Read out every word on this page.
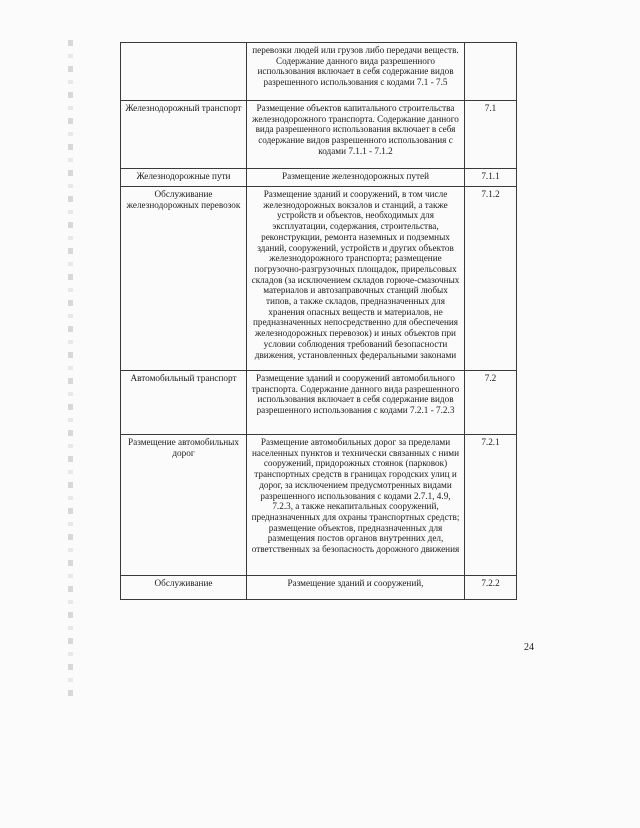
	перевозки людей или грузов либо передачи веществ. Содержание данного вида разрешенного использования включает в себя содержание видов разрешенного использования с кодами 7.1 - 7.5	
Железнодорожный транспорт	Размещение объектов капитального строительства железнодорожного транспорта. Содержание данного вида разрешенного использования включает в себя содержание видов разрешенного использования с кодами 7.1.1 - 7.1.2	7.1
Железнодорожные пути	Размещение железнодорожных путей	7.1.1
Обслуживание железнодорожных перевозок	Размещение зданий и сооружений, в том числе железнодорожных вокзалов и станций, а также устройств и объектов, необходимых для эксплуатации, содержания, строительства, реконструкции, ремонта наземных и подземных зданий, сооружений, устройств и других объектов железнодорожного транспорта; размещение погрузочно-разгрузочных площадок, прирельсовых складов (за исключением складов горюче-смазочных материалов и автозаправочных станций любых типов, а также складов, предназначенных для хранения опасных веществ и материалов, не предназначенных непосредственно для обеспечения железнодорожных перевозок) и иных объектов при условии соблюдения требований безопасности движения, установленных федеральными законами	7.1.2
Автомобильный транспорт	Размещение зданий и сооружений автомобильного транспорта. Содержание данного вида разрешенного использования включает в себя содержание видов разрешенного использования с кодами 7.2.1 - 7.2.3	7.2
Размещение автомобильных дорог	Размещение автомобильных дорог за пределами населенных пунктов и технически связанных с ними сооружений, придорожных стоянок (парковок) транспортных средств в границах городских улиц и дорог, за исключением предусмотренных видами разрешенного использования с кодами 2.7.1, 4.9, 7.2.3, а также некапитальных сооружений, предназначенных для охраны транспортных средств; размещение объектов, предназначенных для размещения постов органов внутренних дел, ответственных за безопасность дорожного движения	7.2.1
Обслуживание	Размещение зданий и сооружений,	7.2.2
24
